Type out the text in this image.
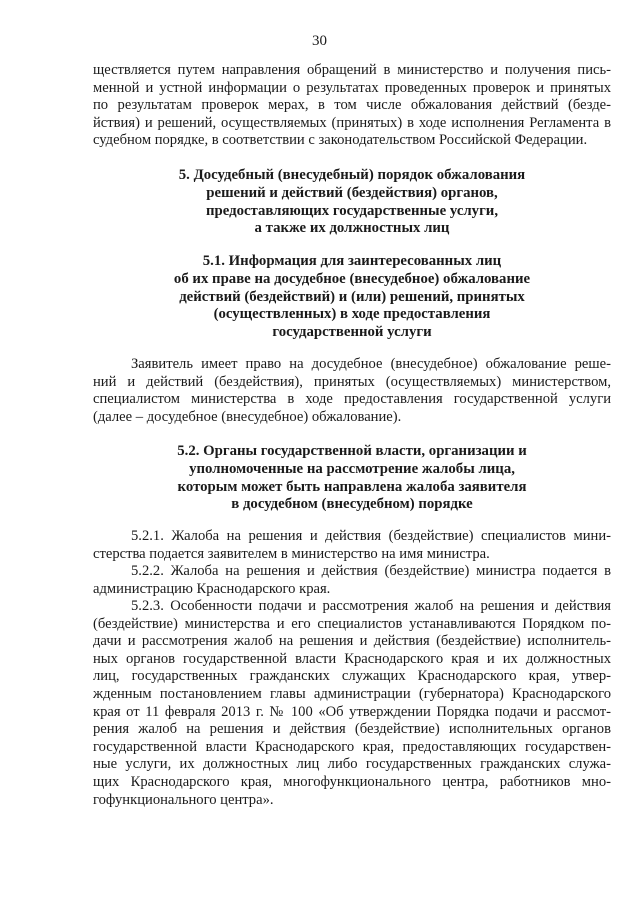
30
ществляется путем направления обращений в министерство и получения пись-
менной и устной информации о результатах проведенных проверок и принятых
по результатам проверок мерах, в том числе обжалования действий (безде-
йствия) и решений, осуществляемых (принятых) в ходе исполнения Регламента в
судебном порядке, в соответствии с законодательством Российской Федерации.
5. Досудебный (внесудебный) порядок обжалования
решений и действий (бездействия) органов,
предоставляющих государственные услуги,
а также их должностных лиц
5.1. Информация для заинтересованных лиц
об их праве на досудебное (внесудебное) обжалование
действий (бездействий) и (или) решений, принятых
(осуществленных) в ходе предоставления
государственной услуги
Заявитель имеет право на досудебное (внесудебное) обжалование реше-
ний и действий (бездействия), принятых (осуществляемых) министерством,
специалистом министерства в ходе предоставления государственной услуги
(далее – досудебное (внесудебное) обжалование).
5.2. Органы государственной власти, организации и
уполномоченные на рассмотрение жалобы лица,
которым может быть направлена жалоба заявителя
в досудебном (внесудебном) порядке
5.2.1. Жалоба на решения и действия (бездействие) специалистов мини-
стерства подается заявителем в министерство на имя министра.
5.2.2. Жалоба на решения и действия (бездействие) министра подается в
администрацию Краснодарского края.
5.2.3. Особенности подачи и рассмотрения жалоб на решения и действия
(бездействие) министерства и его специалистов устанавливаются Порядком по-
дачи и рассмотрения жалоб на решения и действия (бездействие) исполнитель-
ных органов государственной власти Краснодарского края и их должностных
лиц, государственных гражданских служащих Краснодарского края, утвер-
жденным постановлением главы администрации (губернатора) Краснодарского
края от 11 февраля 2013 г. № 100 «Об утверждении Порядка подачи и рассмот-
рения жалоб на решения и действия (бездействие) исполнительных органов
государственной власти Краснодарского края, предоставляющих государствен-
ные услуги, их должностных лиц либо государственных гражданских служа-
щих Краснодарского края, многофункционального центра, работников мно-
гофункционального центра».
